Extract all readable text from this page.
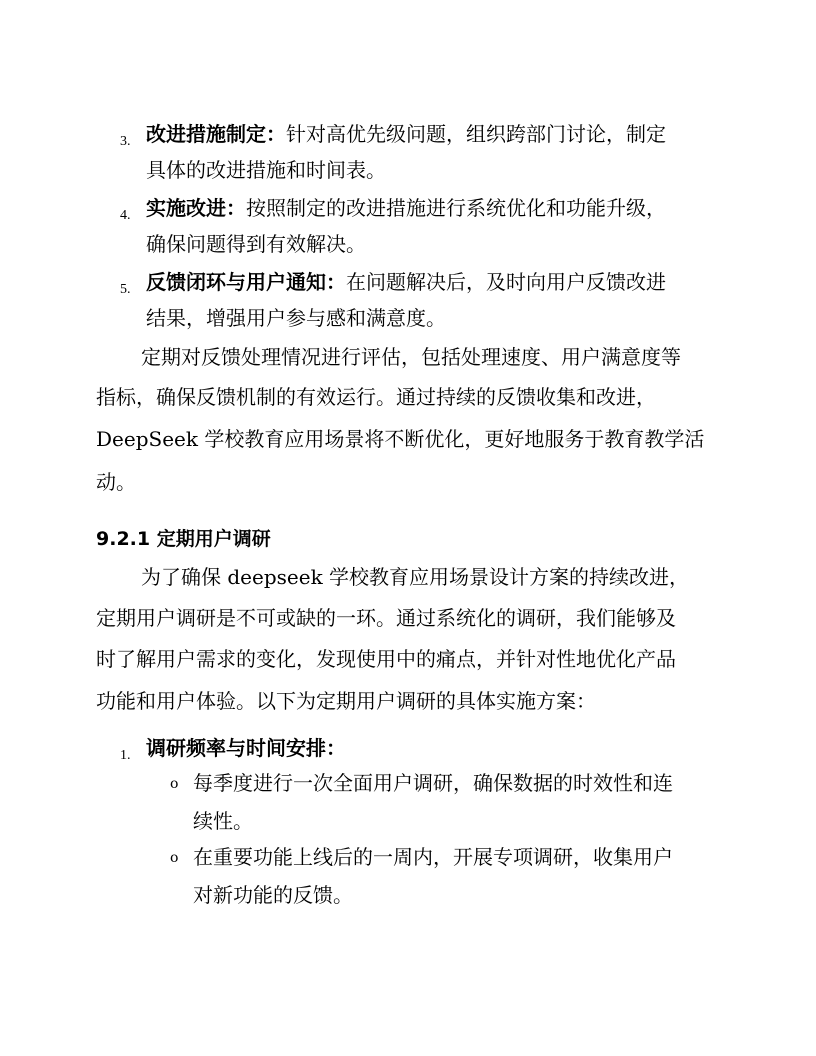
3. 改进措施制定：针对高优先级问题，组织跨部门讨论，制定
具体的改进措施和时间表。
4. 实施改进：按照制定的改进措施进行系统优化和功能升级，
确保问题得到有效解决。
5. 反馈闭环与用户通知：在问题解决后，及时向用户反馈改进
结果，增强用户参与感和满意度。
定期对反馈处理情况进行评估，包括处理速度、用户满意度等
指标，确保反馈机制的有效运行。通过持续的反馈收集和改进，
DeepSeek 学校教育应用场景将不断优化，更好地服务于教育教学活
动。
9.2.1 定期用户调研
为了确保 deepseek 学校教育应用场景设计方案的持续改进，
定期用户调研是不可或缺的一环。通过系统化的调研，我们能够及
时了解用户需求的变化，发现使用中的痛点，并针对性地优化产品
功能和用户体验。以下为定期用户调研的具体实施方案：
1. 调研频率与时间安排：
o 每季度进行一次全面用户调研，确保数据的时效性和连
续性。
o 在重要功能上线后的一周内，开展专项调研，收集用户
对新功能的反馈。
